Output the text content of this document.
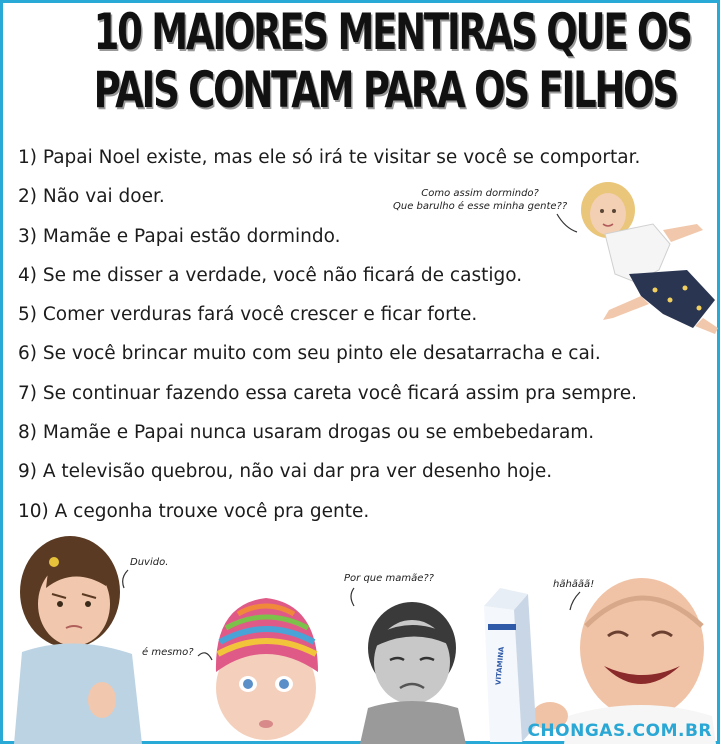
10 MAIORES MENTIRAS QUE OS
PAIS CONTAM PARA OS FILHOS
1) Papai Noel existe, mas ele só irá te visitar se você se comportar.
2) Não vai doer.
3) Mamãe e Papai estão dormindo.
4) Se me disser a verdade, você não ficará de castigo.
5) Comer verduras fará você crescer e ficar forte.
6) Se você brincar muito com seu pinto ele desatarracha e cai.
7) Se continuar fazendo essa careta você ficará assim pra sempre.
8) Mamãe e Papai nunca usaram drogas ou se embebedaram.
9) A televisão quebrou, não vai dar pra ver desenho hoje.
10) A cegonha trouxe você pra gente.
Como assim dormindo?
Que barulho é esse minha gente??
Duvido.
é mesmo?
Por que mamãe??
hãhããã!
VITAMINA
CHONGAS.COM.BR
